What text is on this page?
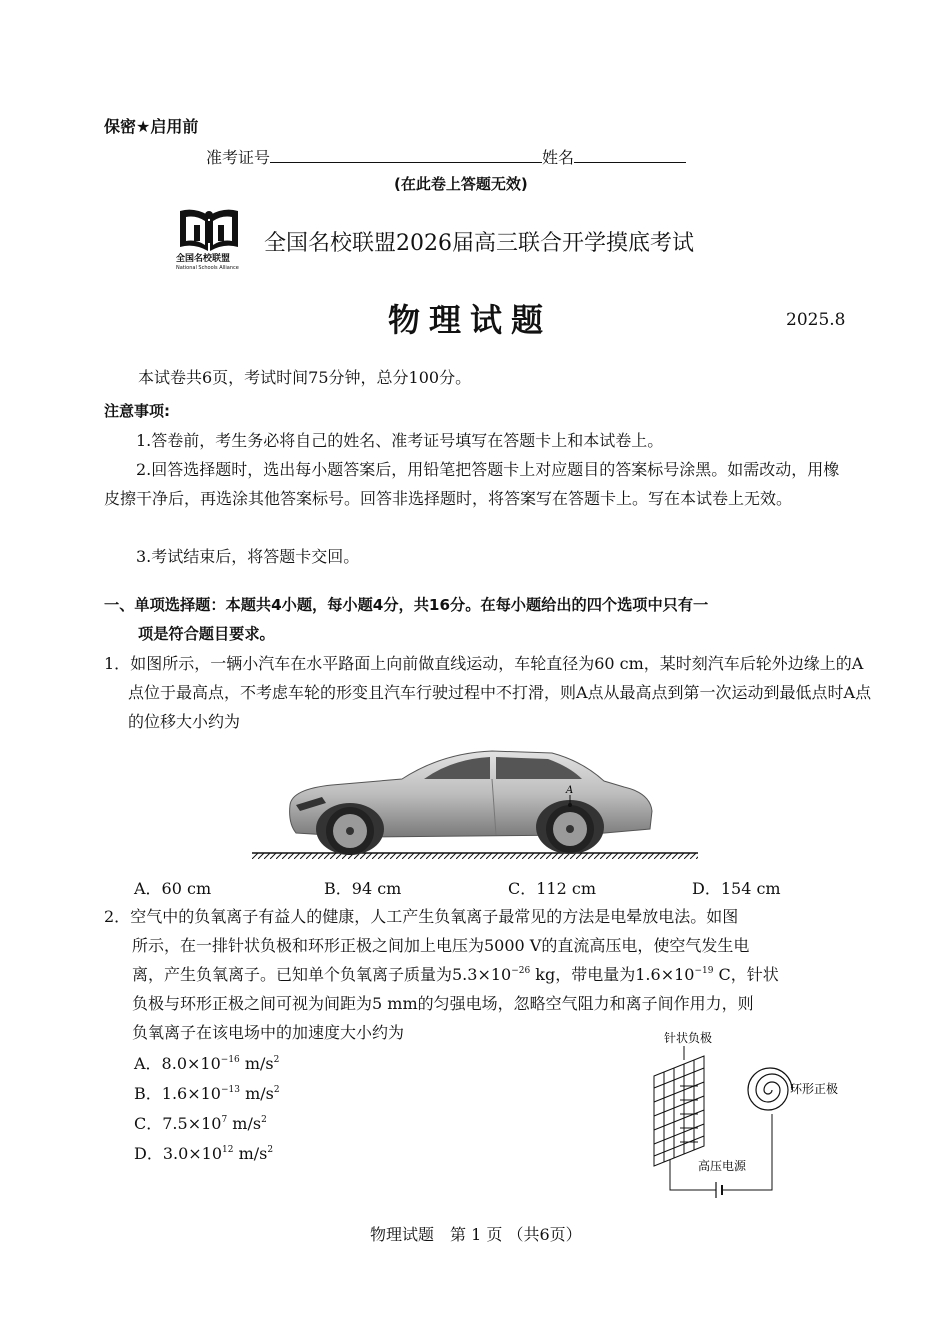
保密★启用前
准考证号	姓名
(在此卷上答题无效)
全国名校联盟
National Schools Alliance
全国名校联盟2026届高三联合开学摸底考试
物理试题	2025.8
本试卷共6页，考试时间75分钟，总分100分。
注意事项:
1.答卷前，考生务必将自己的姓名、准考证号填写在答题卡上和本试卷上。
2.回答选择题时，选出每小题答案后，用铅笔把答题卡上对应题目的答案标号涂黑。如需改动，用橡皮擦干净后，再选涂其他答案标号。回答非选择题时，将答案写在答题卡上。写在本试卷上无效。
3.考试结束后，将答题卡交回。
一、单项选择题：本题共4小题，每小题4分，共16分。在每小题给出的四个选项中只有一
项是符合题目要求。
1．如图所示，一辆小汽车在水平路面上向前做直线运动，车轮直径为60 cm，某时刻汽车后轮外边缘上的A点位于最高点，不考虑车轮的形变且汽车行驶过程中不打滑，则A点从最高点到第一次运动到最低点时A点的位移大小约为
A
A．60 cm	B．94 cm	C．112 cm	D．154 cm
2．空气中的负氧离子有益人的健康，人工产生负氧离子最常见的方法是电晕放电法。如图
所示，在一排针状负极和环形正极之间加上电压为5000 V的直流高压电，使空气发生电
离，产生负氧离子。已知单个负氧离子质量为$5.3\times 10^{-26}$ kg，带电量为$1.6\times 10^{-19}$ C，针状
负极与环形正极之间可视为间距为5 mm的匀强电场，忽略空气阻力和离子间作用力，则
负氧离子在该电场中的加速度大小约为
A．$8.0\times 10^{-16}$ $m/s^2$
B．$1.6\times 10^{-13}$ $m/s^2$
C．$7.5\times 10^7$ $m/s^2$
D．$3.0\times 10^{12}$ $m/s^2$
针状负极
环形正极
高压电源
物理试题　第 1 页 （共6页）
